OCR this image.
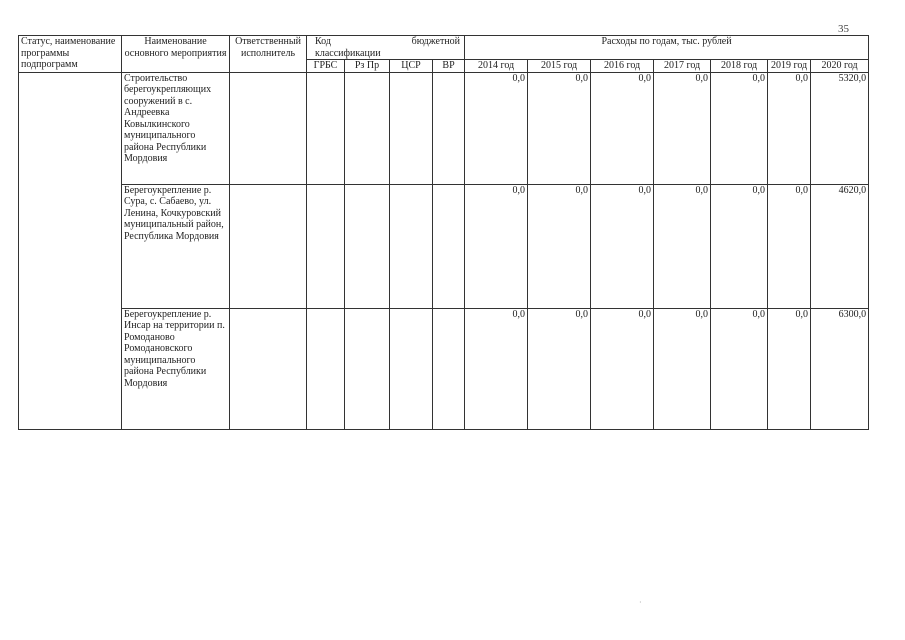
35
Статус, наименование программы подпрограмм	Наименование основного мероприятия	Ответственный исполнитель	Код бюджетной
классификации				Расходы по годам, тыс. рублей						
			ГРБС	Рз Пр	ЦСР	ВР	2014 год	2015 год	2016 год	2017 год	2018 год	2019 год	2020 год
	Строительство берегоукрепляющих сооружений в с. Андреевка Ковылкинского муниципального района Республики Мордовия						0,0	0,0	0,0	0,0	0,0	0,0	5320,0
	Берегоукрепление р. Сура, с. Сабаево, ул. Ленина, Кочкуровский муниципальный район, Республика Мордовия						0,0	0,0	0,0	0,0	0,0	0,0	4620,0
	Берегоукрепление р. Инсар на территории п. Ромоданово Ромодановского муниципального района Республики Мордовия						0,0	0,0	0,0	0,0	0,0	0,0	6300,0
·
